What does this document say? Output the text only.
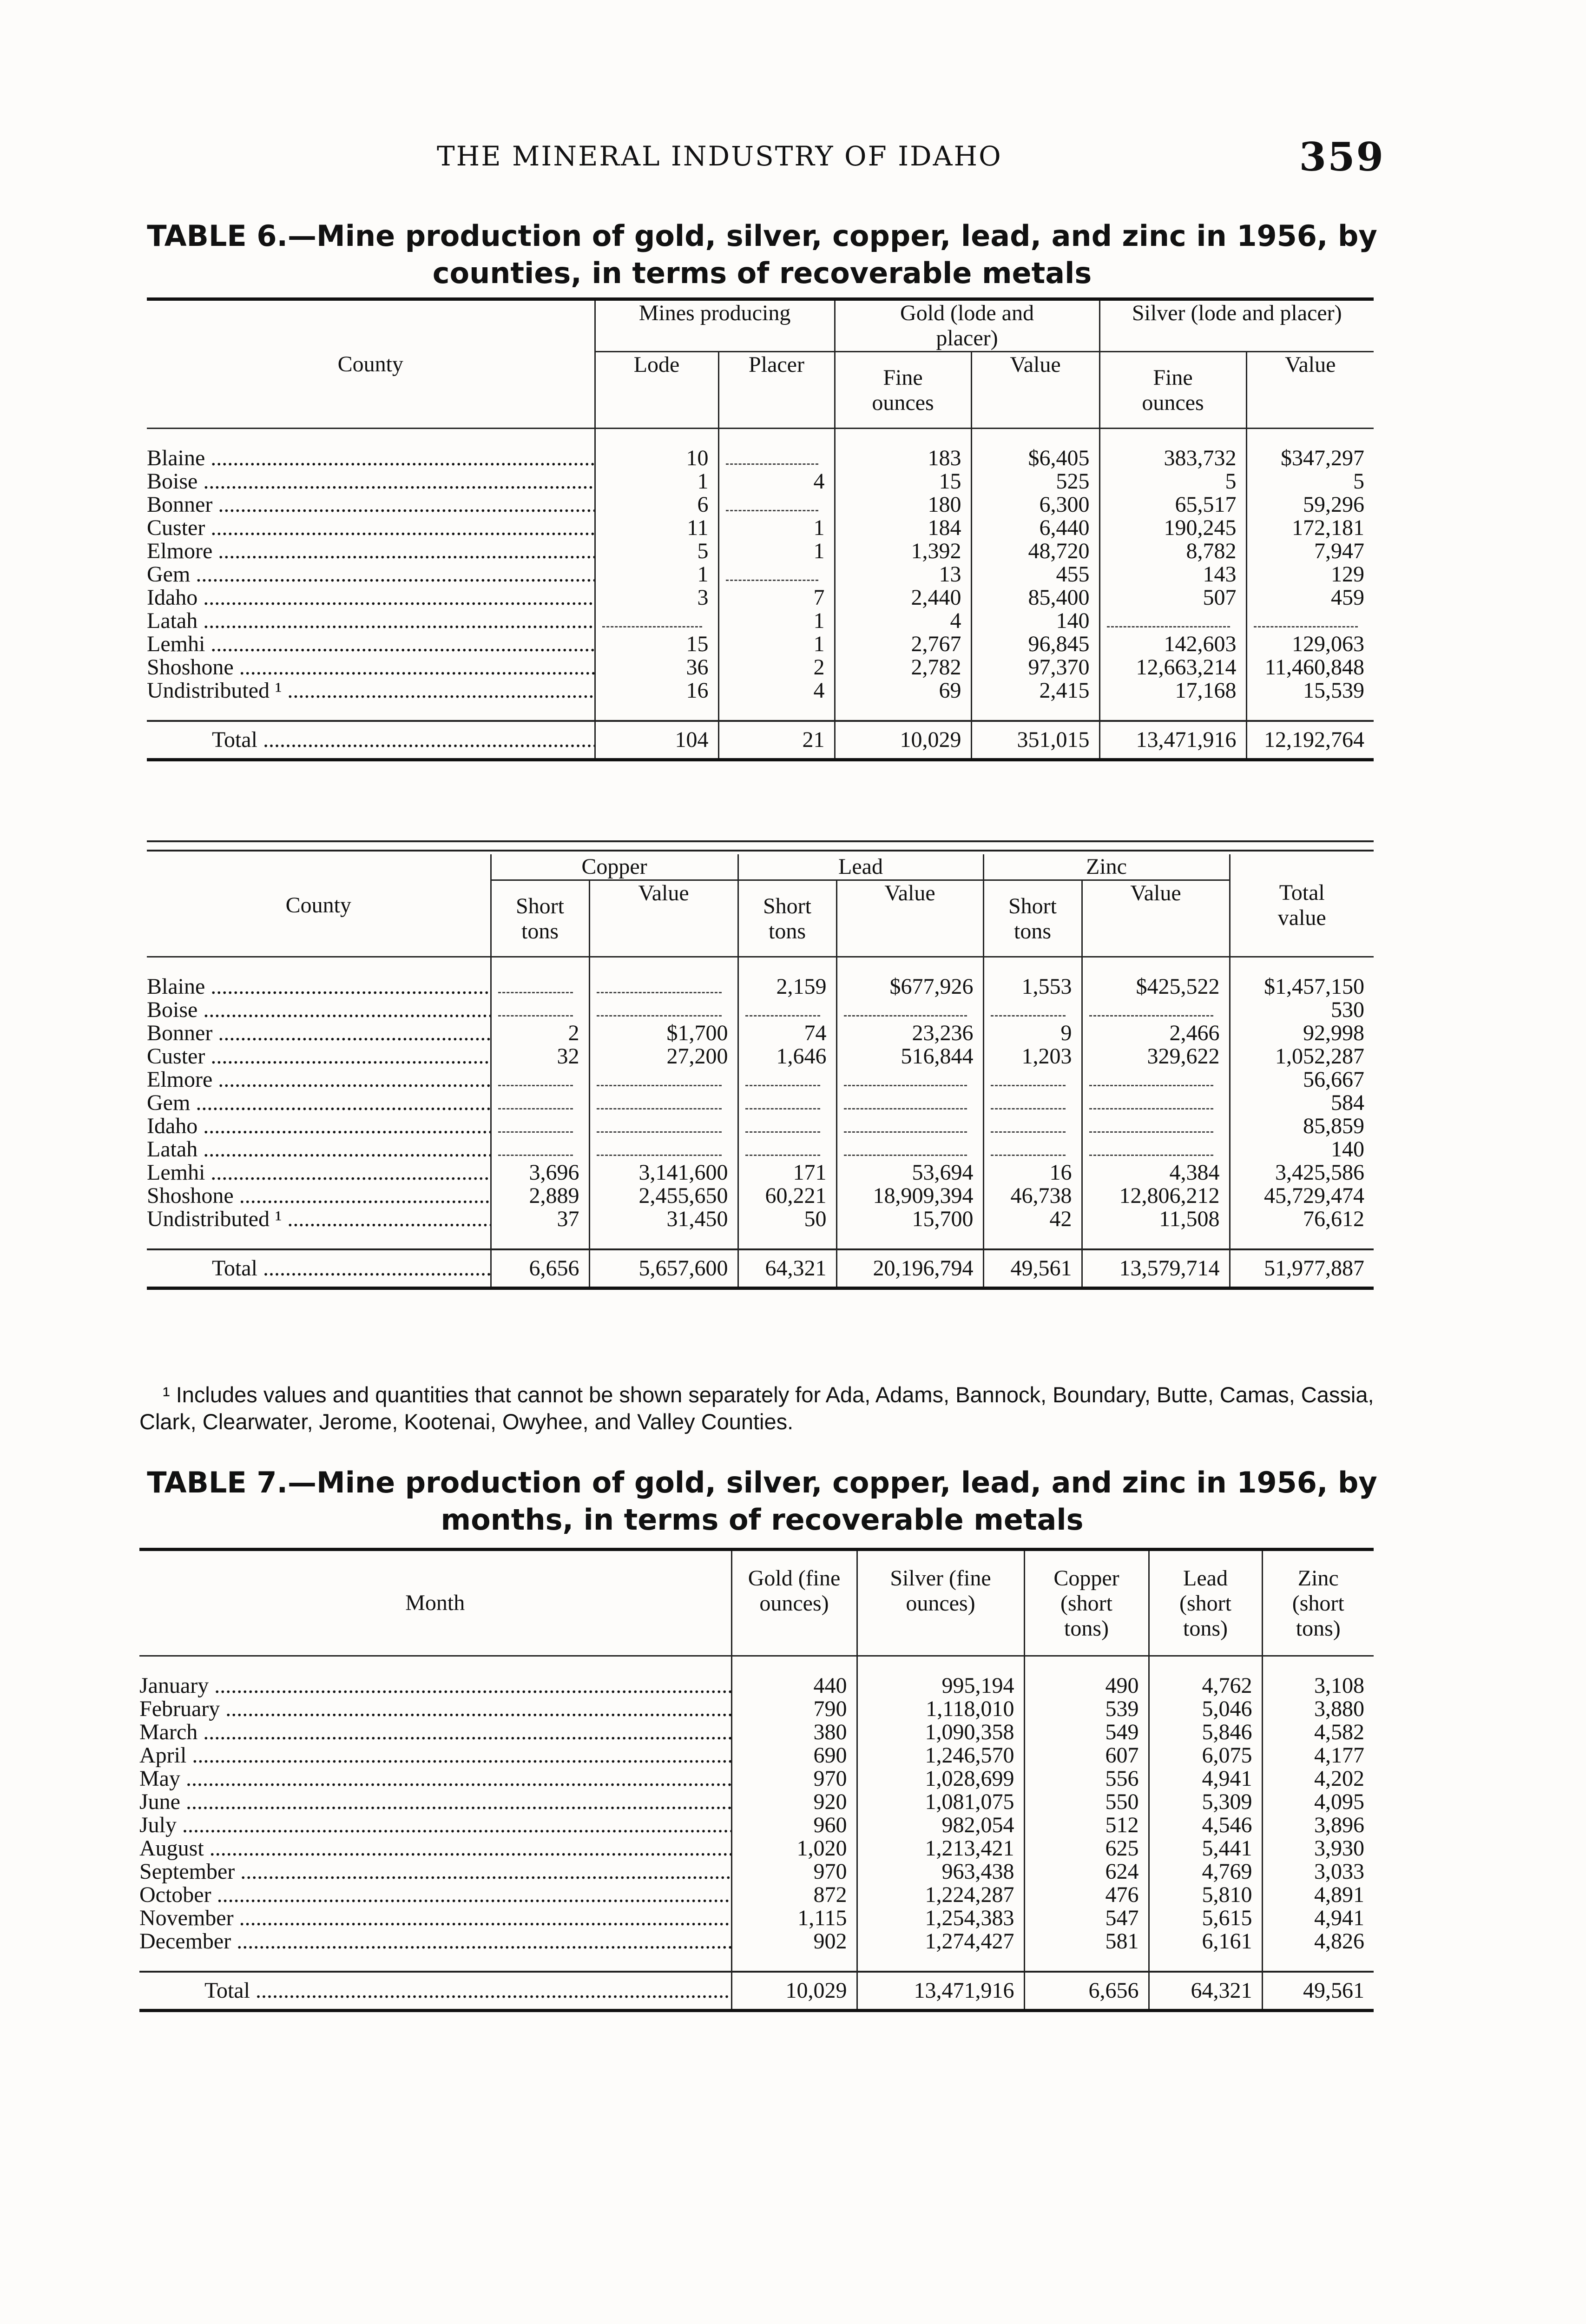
THE MINERAL INDUSTRY OF IDAHO	359
TABLE 6.—Mine production of gold, silver, copper, lead, and zinc in 1956, by
counties, in terms of recoverable metals
County	Mines producing		Gold (lode and placer)		Silver (lode and placer)	
	Lode	Placer	Fine ounces	Value	Fine ounces	Value

Blaine .....	10		183	$6,405	383,732	$347,297

Boise .....	1	4	15	525	5	5

Bonner .....	6		180	6,300	65,517	59,296

Custer .....	11	1	184	6,440	190,245	172,181

Elmore .....	5	1	1,392	48,720	8,782	7,947

Gem .....	1		13	455	143	129

Idaho .....	3	7	2,440	85,400	507	459

Latah .....		1	4	140	

Lemhi .....	15	1	2,767	96,845	142,603	129,063

Shoshone .....	36	2	2,782	97,370	12,663,214	11,460,848

Undistributed ¹ .....	16	4	69	2,415	17,168	15,539

Total .....	104	21	10,029	351,015	13,471,916	12,192,764
County	Copper		Lead		Zinc		Total value
	Short tons	Value	Short tons	Value	Short tons	Value	

Blaine .....			2,159	$677,926	1,553	$425,522	$1,457,150

Boise .....							530

Bonner .....	2	$1,700	74	23,236	9	2,466	92,998

Custer .....	32	27,200	1,646	516,844	1,203	329,622	1,052,287

Elmore .....							56,667

Gem .....							584

Idaho .....							85,859

Latah .....							140

Lemhi .....	3,696	3,141,600	171	53,694	16	4,384	3,425,586

Shoshone .....	2,889	2,455,650	60,221	18,909,394	46,738	12,806,212	45,729,474

Undistributed ¹ .....	37	31,450	50	15,700	42	11,508	76,612

Total .....	6,656	5,657,600	64,321	20,196,794	49,561	13,579,714	51,977,887
¹ Includes values and quantities that cannot be shown separately for Ada, Adams, Bannock, Boundary, Butte, Camas, Cassia, Clark, Clearwater, Jerome, Kootenai, Owyhee, and Valley Counties.
TABLE 7.—Mine production of gold, silver, copper, lead, and zinc in 1956, by
months, in terms of recoverable metals
Month	Gold (fine ounces)	Silver (fine ounces)	Copper (short tons)	Lead (short tons)	Zinc (short tons)

January .....	440	995,194	490	4,762	3,108

February .....	790	1,118,010	539	5,046	3,880

March .....	380	1,090,358	549	5,846	4,582

April .....	690	1,246,570	607	6,075	4,177

May .....	970	1,028,699	556	4,941	4,202

June .....	920	1,081,075	550	5,309	4,095

July .....	960	982,054	512	4,546	3,896

August .....	1,020	1,213,421	625	5,441	3,930

September .....	970	963,438	624	4,769	3,033

October .....	872	1,224,287	476	5,810	4,891

November .....	1,115	1,254,383	547	5,615	4,941

December .....	902	1,274,427	581	6,161	4,826

Total .....	10,029	13,471,916	6,656	64,321	49,561
